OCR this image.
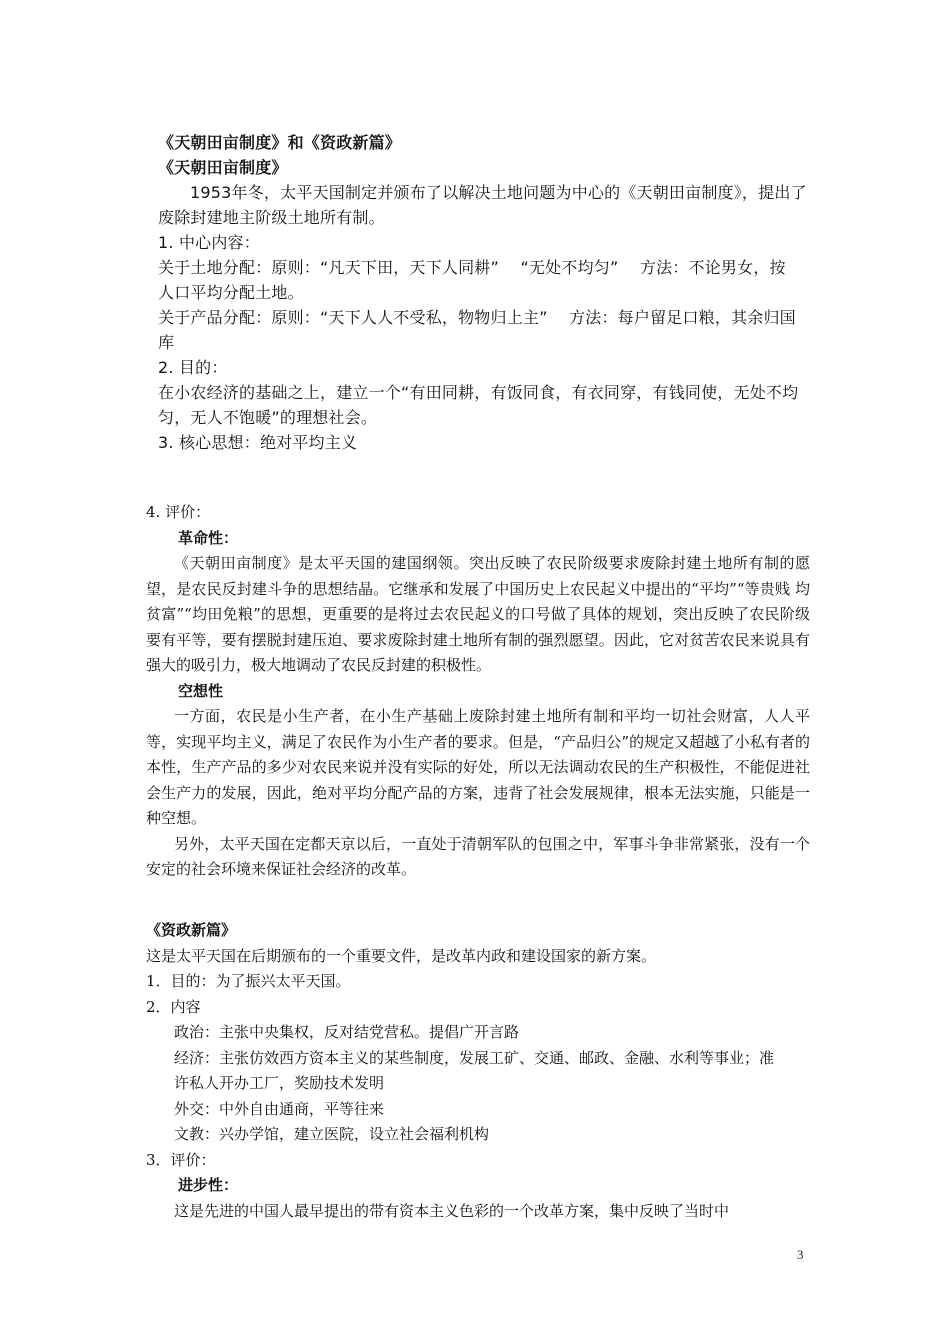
《天朝田亩制度》和《资政新篇》
《天朝田亩制度》
1953年冬，太平天国制定并颁布了以解决土地问题为中心的《天朝田亩制度》，提出了
废除封建地主阶级土地所有制。
1. 中心内容：
关于土地分配：原则：“凡天下田，天下人同耕”　 “无处不均匀”　 方法：不论男女，按
人口平均分配土地。
关于产品分配：原则：“天下人人不受私，物物归上主”　 方法：每户留足口粮，其余归国
库
2. 目的：
在小农经济的基础之上，建立一个“有田同耕，有饭同食，有衣同穿，有钱同使，无处不均
匀，无人不饱暖”的理想社会。
3. 核心思想：绝对平均主义

4. 评价：

革命性：

《天朝田亩制度》是太平天国的建国纲领。突出反映了农民阶级要求废除封建土地所有制的愿望，是农民反封建斗争的思想结晶。它继承和发展了中国历史上农民起义中提出的“平均”“等贵贱 均贫富”“均田免粮”的思想，更重要的是将过去农民起义的口号做了具体的规划，突出反映了农民阶级要有平等，要有摆脱封建压迫、要求废除封建土地所有制的强烈愿望。因此，它对贫苦农民来说具有强大的吸引力，极大地调动了农民反封建的积极性。

空想性

一方面，农民是小生产者，在小生产基础上废除封建土地所有制和平均一切社会财富，人人平等，实现平均主义，满足了农民作为小生产者的要求。但是，“产品归公”的规定又超越了小私有者的本性，生产产品的多少对农民来说并没有实际的好处，所以无法调动农民的生产积极性，不能促进社会生产力的发展，因此，绝对平均分配产品的方案，违背了社会发展规律，根本无法实施，只能是一种空想。

另外，太平天国在定都天京以后，一直处于清朝军队的包围之中，军事斗争非常紧张，没有一个安定的社会环境来保证社会经济的改革。

《资政新篇》

这是太平天国在后期颁布的一个重要文件，是改革内政和建设国家的新方案。

1．目的：为了振兴太平天国。

2．内容

政治：主张中央集权，反对结党营私。提倡广开言路

经济：主张仿效西方资本主义的某些制度，发展工矿、交通、邮政、金融、水利等事业；准

许私人开办工厂，奖励技术发明

外交：中外自由通商，平等往来

文教：兴办学馆，建立医院，设立社会福利机构

3．评价：

进步性：

这是先进的中国人最早提出的带有资本主义色彩的一个改革方案，集中反映了当时中

3
